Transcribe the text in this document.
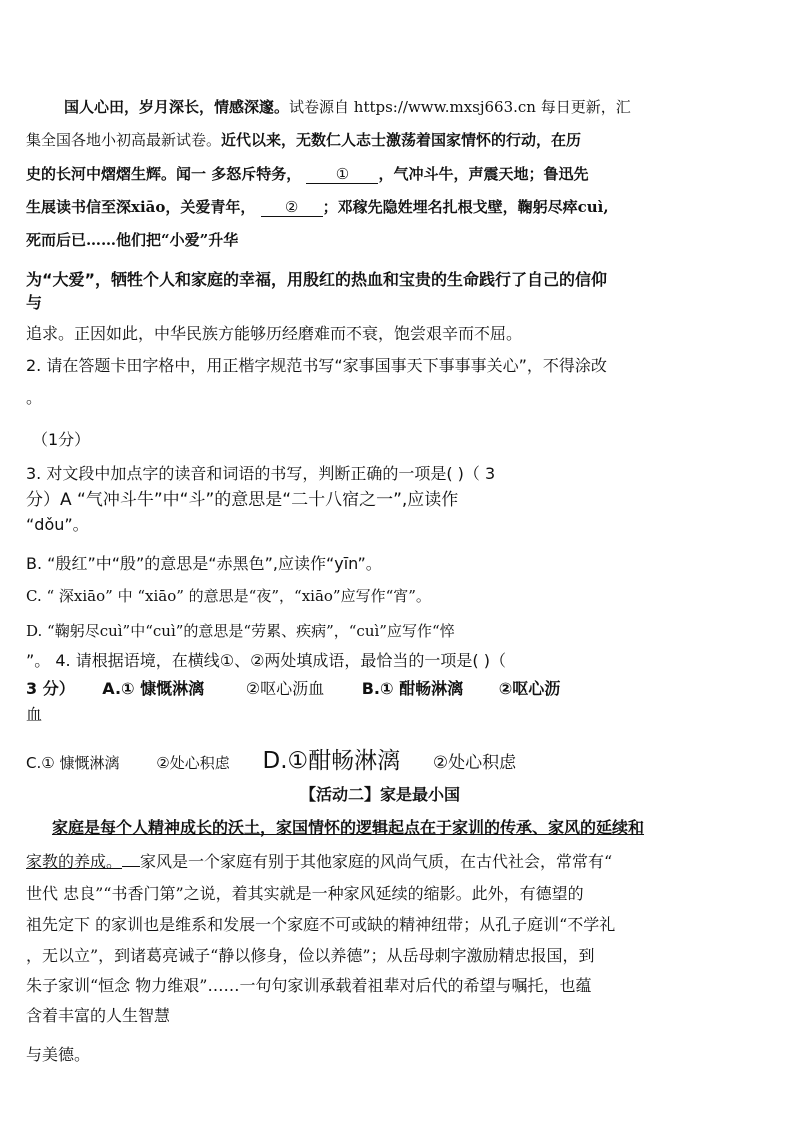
国人心田，岁月深长，情感深邃。试卷源自 https://www.mxsj663.cn 每日更新，汇

集全国各地小初高最新试卷。近代以来，无数仁人志士激荡着国家情怀的行动，在历

史的长河中熠熠生辉。闻一 多怒斥特务， ① ，气冲斗牛，声震天地；鲁迅先

生展读书信至深xiāo，关爱青年， ② ；邓稼先隐姓埋名扎根戈壁，鞠躬尽瘁cuì,

死而后已……他们把“小爱”升华

为“大爱”，牺牲个人和家庭的幸福，用殷红的热血和宝贵的生命践行了自己的信仰

与

追求。正因如此，中华民族方能够历经磨难而不衰，饱尝艰辛而不屈。

2. 请在答题卡田字格中，用正楷字规范书写“家事国事天下事事事关心”，不得涂改

。

（1分）

3. 对文段中加点字的读音和词语的书写，判断正确的一项是( )（ 3

分）A “气冲斗牛”中“斗”的意思是“二十八宿之一”,应读作

“dǒu”。

B. “殷红”中“殷”的意思是“赤黑色”,应读作“yīn”。

C. “ 深xiāo” 中 “xiāo” 的意思是“夜”，“xiāo”应写作“宵”。

D. “鞠躬尽cuì”中“cuì”的意思是“劳累、疾病”，“cuì”应写作“悴

”。 4. 请根据语境，在横线①、②两处填成语，最恰当的一项是( )（

3 分） A.① 慷慨淋漓	②呕心沥血 B.① 酣畅淋漓 ②呕心沥

血

C.① 慷慨淋漓 ②处心积虑 D.①酣畅淋漓 ②处心积虑

【活动二】家是最小国

家庭是每个人精神成长的沃土，家国情怀的逻辑起点在于家训的传承、家风的延续和

家教的养成。 家风是一个家庭有别于其他家庭的风尚气质，在古代社会，常常有“

世代 忠良”“书香门第”之说，着其实就是一种家风延续的缩影。此外，有德望的

祖先定下 的家训也是维系和发展一个家庭不可或缺的精神纽带；从孔子庭训“不学礼

，无以立”，到诸葛亮诫子“静以修身，俭以养德”；从岳母刺字激励精忠报国，到

朱子家训“恒念 物力维艰”……一句句家训承载着祖辈对后代的希望与嘱托，也蕴

含着丰富的人生智慧

与美德。
